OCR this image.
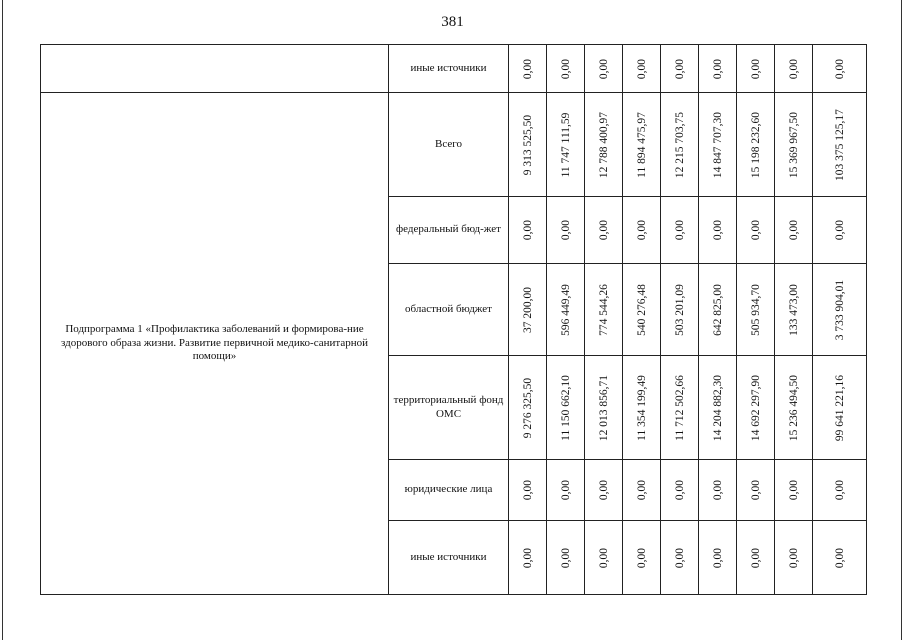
381
	иные источники	0,00	0,00	0,00	0,00	0,00	0,00	0,00	0,00	0,00

Подпрограмма 1 «Профилактика заболеваний и формирова-ние здорового образа жизни. Развитие первичной медико-санитарной помощи»	Всего	9 313 525,50	11 747 111,59	12 788 400,97	11 894 475,97	12 215 703,75	14 847 707,30	15 198 232,60	15 369 967,50	103 375 125,17

	федеральный бюд-жет	0,00	0,00	0,00	0,00	0,00	0,00	0,00	0,00	0,00

	областной бюджет	37 200,00	596 449,49	774 544,26	540 276,48	503 201,09	642 825,00	505 934,70	133 473,00	3 733 904,01

	территориальный фонд ОМС	9 276 325,50	11 150 662,10	12 013 856,71	11 354 199,49	11 712 502,66	14 204 882,30	14 692 297,90	15 236 494,50	99 641 221,16

	юридические лица	0,00	0,00	0,00	0,00	0,00	0,00	0,00	0,00	0,00

	иные источники	0,00	0,00	0,00	0,00	0,00	0,00	0,00	0,00	0,00
